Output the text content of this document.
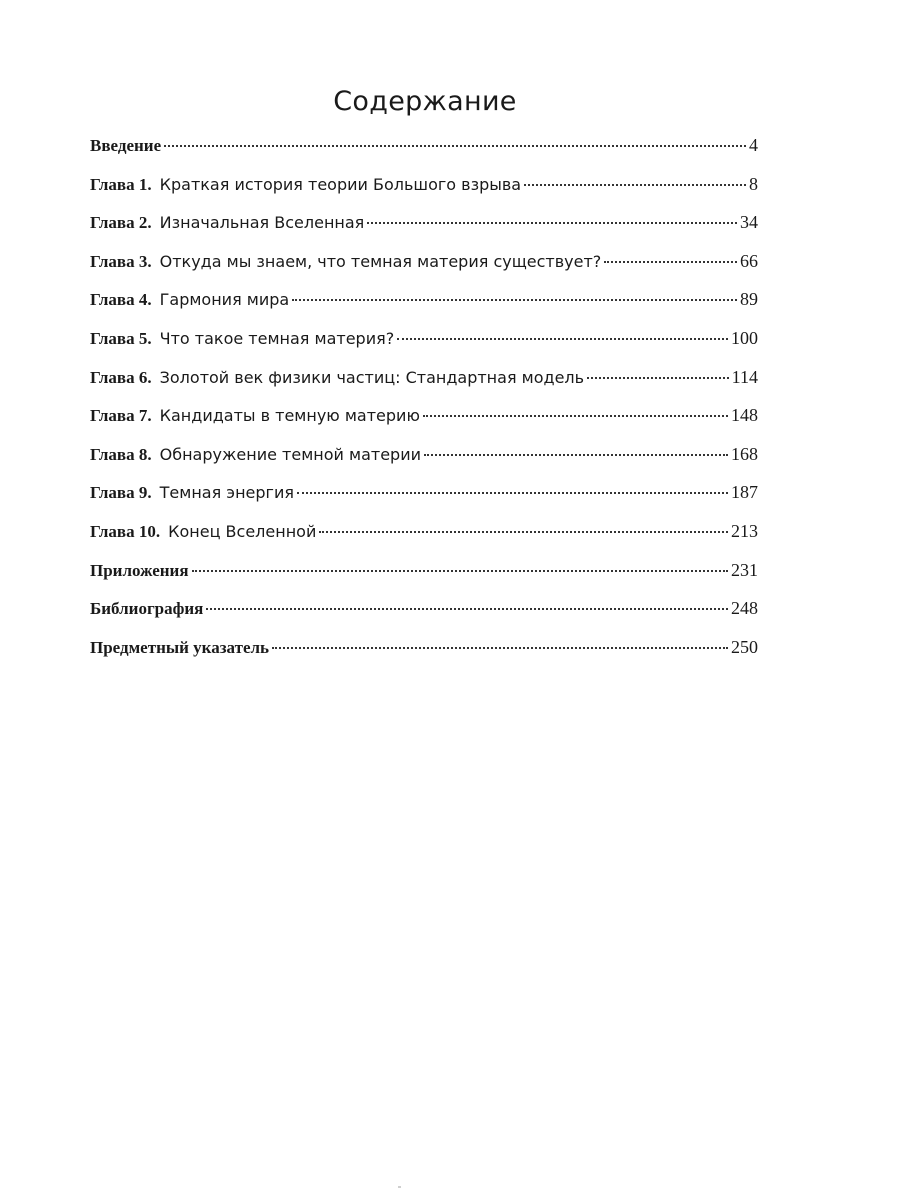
Содержание
Введение	4
Глава 1. Краткая история теории Большого взрыва	8
Глава 2. Изначальная Вселенная	34
Глава 3. Откуда мы знаем, что темная материя существует?	66
Глава 4. Гармония мира	89
Глава 5. Что такое темная материя?	100
Глава 6. Золотой век физики частиц: Стандартная модель	114
Глава 7. Кандидаты в темную материю	148
Глава 8. Обнаружение темной материи	168
Глава 9. Темная энергия	187
Глава 10. Конец Вселенной	213
Приложения	231
Библиография	248
Предметный указатель	250
